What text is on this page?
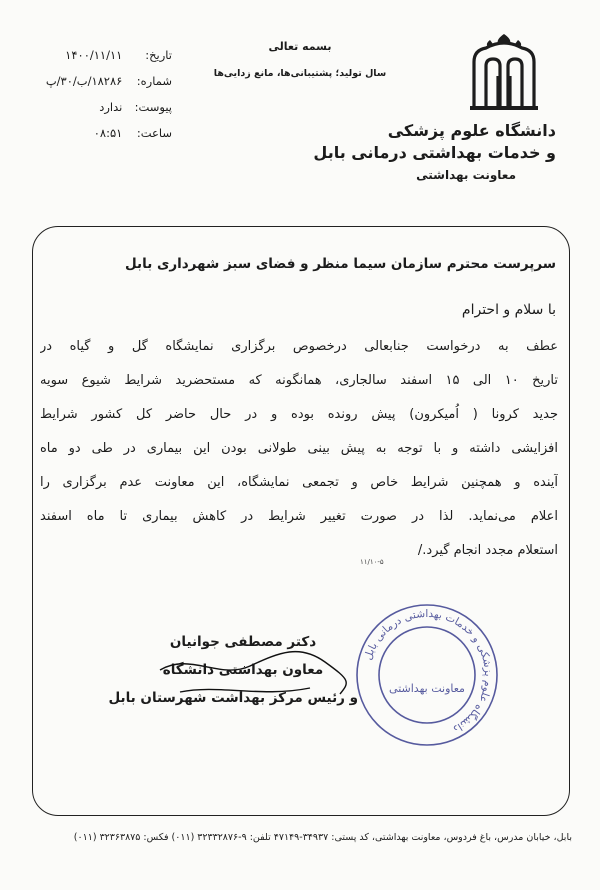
دانشگاه علوم پزشکی
و خدمات بهداشتی درمانی بابل
معاونت بهداشتی
بسمه تعالی
سال تولید؛ پشتیبانی‌ها، مانع زدایی‌ها
تاریخ: ۱۴۰۰/۱۱/۱۱
شماره: ۱۸۲۸۶/ب/۳۰/پ
پیوست: ندارد
ساعت: ۰۸:۵۱
سرپرست محترم سازمان سیما منظر و فضای سبز شهرداری بابل
با سلام و احترام
عطف به درخواست جنابعالی درخصوص برگزاری نمایشگاه گل و گیاه در
تاریخ ۱۰ الی ۱۵ اسفند سالجاری، همانگونه که مستحضرید شرایط شیوع سویه
جدید کرونا ( اُمیکرون) پیش رونده بوده و در حال حاضر کل کشور شرایط
افزایشی داشته و با توجه به پیش بینی طولانی بودن این بیماری در طی دو ماه
آینده و همچنین شرایط خاص و تجمعی نمایشگاه، این معاونت عدم برگزاری را
اعلام می‌نماید. لذا در صورت تغییر شرایط در کاهش بیماری تا ماه اسفند
استعلام مجدد انجام گیرد./
۱۱/۱۰-۵
دانشگاه علوم پزشکی و خدمات بهداشتی درمانی بابل
معاونت بهداشتی
دکتر مصطفی جوانیان
معاون بهداشتی دانشگاه
و رئیس مرکز بهداشت شهرستان بابل
بابل، خیابان مدرس، باغ فردوس، معاونت بهداشتی، کد پستی: ۳۴۹۳۷-۴۷۱۴۹ تلفن: ۹-۳۲۳۳۲۸۷۶ (۰۱۱) فکس: ۳۲۳۶۳۸۷۵ (۰۱۱)
